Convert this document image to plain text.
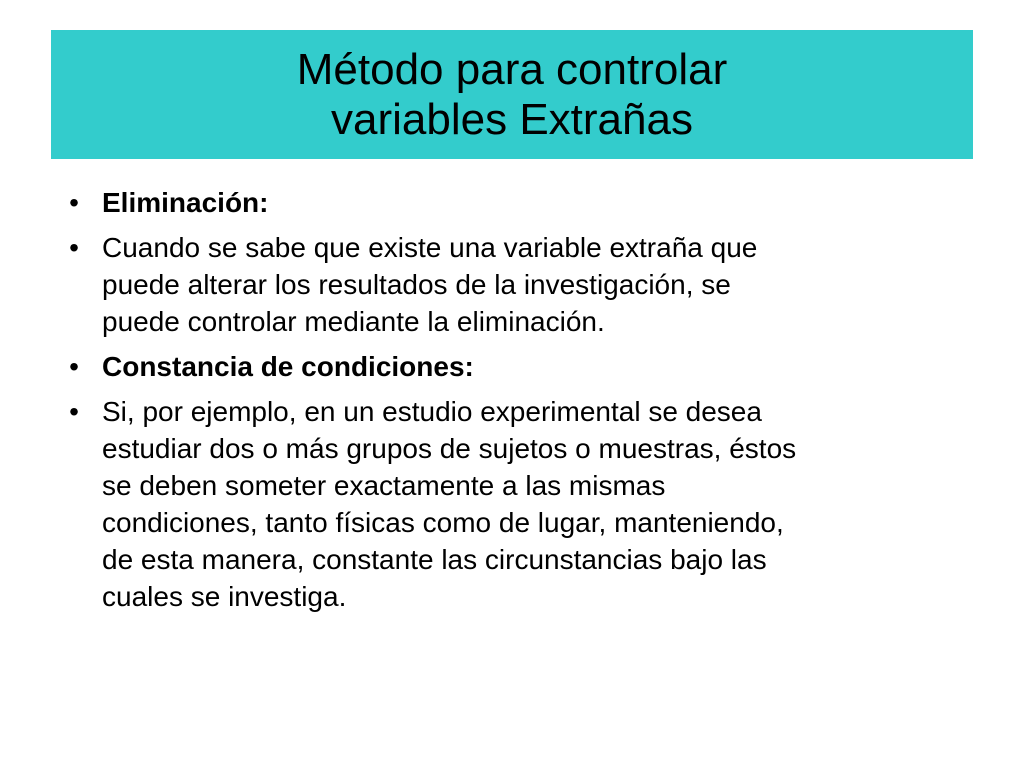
Método para controlar
variables Extrañas
• Eliminación:
• Cuando se sabe que existe una variable extraña que
puede alterar los resultados de la investigación, se
puede controlar mediante la eliminación.
• Constancia de condiciones:
• Si, por ejemplo, en un estudio experimental se desea
estudiar dos o más grupos de sujetos o muestras, éstos
se deben someter exactamente a las mismas
condiciones, tanto físicas como de lugar, manteniendo,
de esta manera, constante las circunstancias bajo las
cuales se investiga.
